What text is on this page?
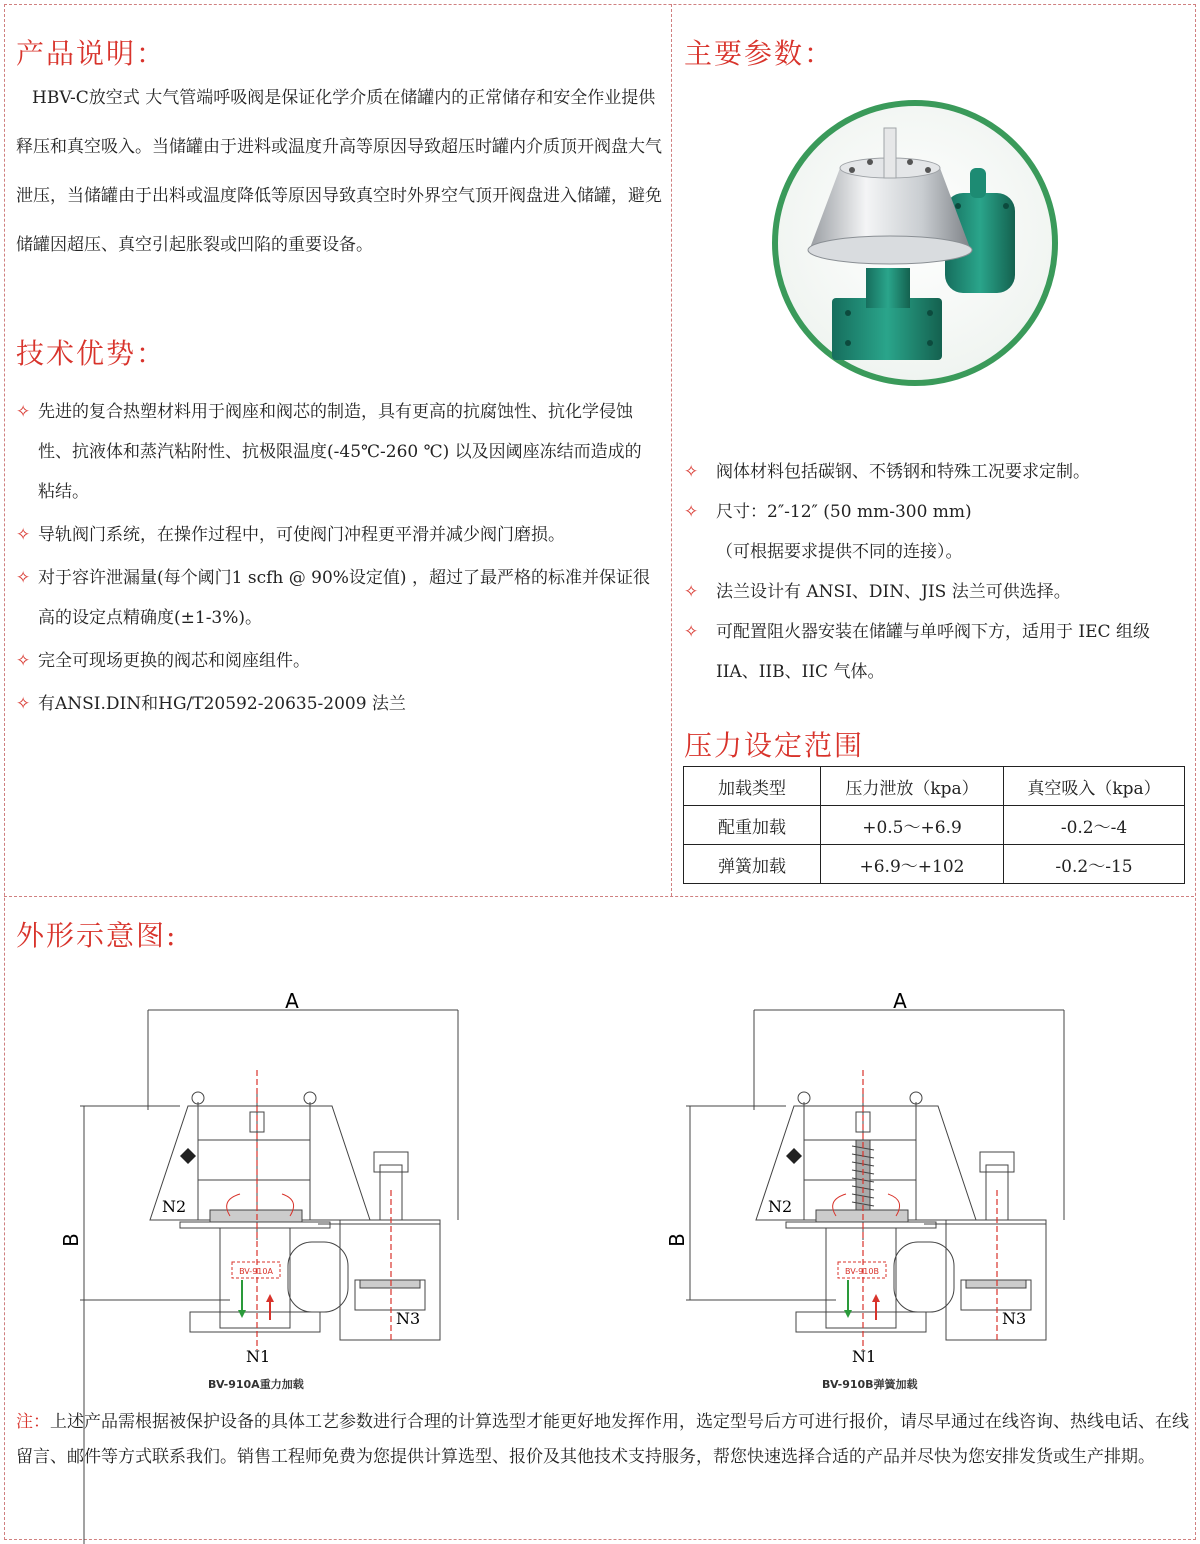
产品说明：
HBV-C放空式 大气管端呼吸阀是保证化学介质在储罐内的正常储存和安全作业提供释压和真空吸入。当储罐由于进料或温度升高等原因导致超压时罐内介质顶开阀盘大气泄压，当储罐由于出料或温度降低等原因导致真空时外界空气顶开阀盘进入储罐，避免储罐因超压、真空引起胀裂或凹陷的重要设备。
技术优势：
✧ 先进的复合热塑材料用于阀座和阀芯的制造，具有更高的抗腐蚀性、抗化学侵蚀性、抗液体和蒸汽粘附性、抗极限温度(-45℃-260 ℃) 以及因阈座冻结而造成的粘结。
✧ 导轨阀门系统，在操作过程中，可使阀门冲程更平滑并减少阀门磨损。
✧ 对于容许泄漏量(每个阈门1 scfh @ 90%设定值) ，超过了最严格的标准并保证很高的设定点精确度(±1-3%)。
✧ 完全可现场更换的阀芯和阅座组件。
✧ 有ANSI.DIN和HG/T20592-20635-2009 法兰
主要参数：
✧ 阀体材料包括碳钢、不锈钢和特殊工况要求定制。
✧ 尺寸：2″-12″ (50 mm-300 mm)
（可根据要求提供不同的连接）。
✧ 法兰设计有 ANSI、DIN、JIS 法兰可供选择。
✧ 可配置阻火器安装在储罐与单呼阀下方，适用于 IEC 组级 IIA、IIB、IIC 气体。
压力设定范围
加载类型	压力泄放（kpa）	真空吸入（kpa）
配重加载	+0.5～+6.9	-0.2～-4
弹簧加载	+6.9～+102	-0.2～-15
外形示意图:
BV-910A
A
B
N2
N1
N3
BV-910A重力加载
BV-910B
A
B
N2
N1
N3
BV-910B弹簧加载
注：上述产品需根据被保护设备的具体工艺参数进行合理的计算选型才能更好地发挥作用，选定型号后方可进行报价，请尽早通过在线咨询、热线电话、在线留言、邮件等方式联系我们。销售工程师免费为您提供计算选型、报价及其他技术支持服务，帮您快速选择合适的产品并尽快为您安排发货或生产排期。
